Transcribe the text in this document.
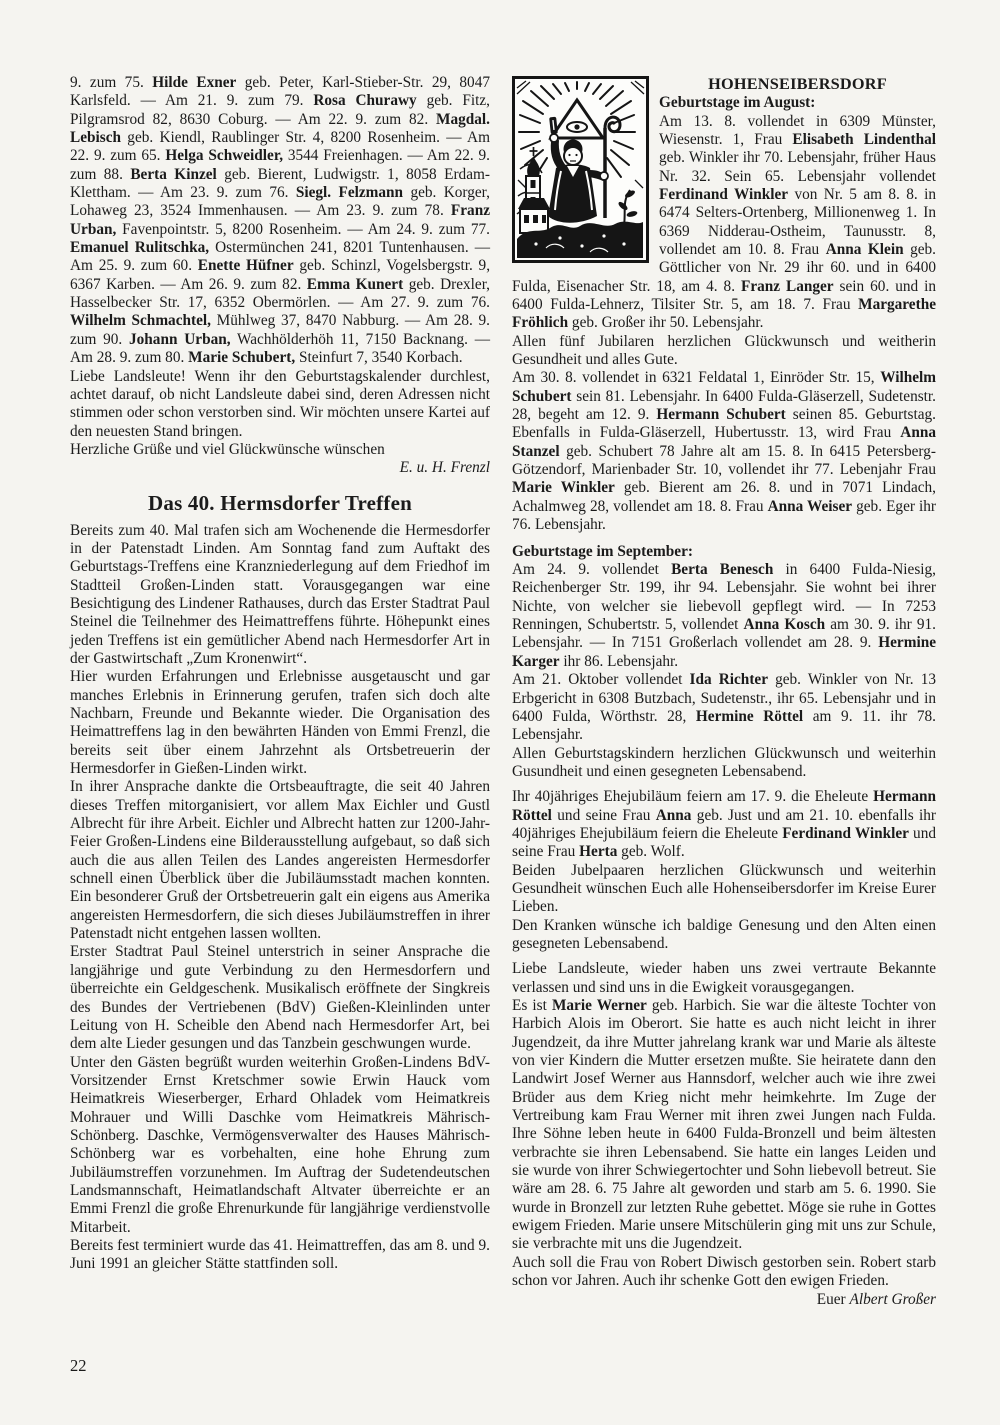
9. zum 75. Hilde Exner geb. Peter, Karl-Stieber-Str. 29, 8047 Karlsfeld. — Am 21. 9. zum 79. Rosa Churawy geb. Fitz, Pilgramsrod 82, 8630 Coburg. — Am 22. 9. zum 82. Magdal. Lebisch geb. Kiendl, Raublinger Str. 4, 8200 Rosenheim. — Am 22. 9. zum 65. Helga Schweidler, 3544 Freienhagen. — Am 22. 9. zum 88. Berta Kinzel geb. Bierent, Ludwigstr. 1, 8058 Erdam-Klettham. — Am 23. 9. zum 76. Siegl. Felzmann geb. Korger, Lohaweg 23, 3524 Immenhausen. — Am 23. 9. zum 78. Franz Urban, Favenpointstr. 5, 8200 Rosenheim. — Am 24. 9. zum 77. Emanuel Rulitschka, Ostermünchen 241, 8201 Tuntenhausen. — Am 25. 9. zum 60. Enette Hüfner geb. Schinzl, Vogelsbergstr. 9, 6367 Karben. — Am 26. 9. zum 82. Emma Kunert geb. Drexler, Hasselbecker Str. 17, 6352 Obermörlen. — Am 27. 9. zum 76. Wilhelm Schmachtel, Mühlweg 37, 8470 Nabburg. — Am 28. 9. zum 90. Johann Urban, Wachhölderhöh 11, 7150 Backnang. — Am 28. 9. zum 80. Marie Schubert, Steinfurt 7, 3540 Korbach.

Liebe Landsleute! Wenn ihr den Geburtstagskalender durchlest, achtet darauf, ob nicht Landsleute dabei sind, deren Adressen nicht stimmen oder schon verstorben sind. Wir möchten unsere Kartei auf den neuesten Stand bringen.

Herzliche Grüße und viel Glückwünsche wünschen

E. u. H. Frenzl

Das 40. Hermsdorfer Treffen

Bereits zum 40. Mal trafen sich am Wochenende die Hermesdorfer in der Patenstadt Linden. Am Sonntag fand zum Auftakt des Geburtstags-Treffens eine Kranzniederlegung auf dem Friedhof im Stadtteil Großen-Linden statt. Vorausgegangen war eine Besichtigung des Lindener Rathauses, durch das Erster Stadtrat Paul Steinel die Teilnehmer des Heimattreffens führte. Höhepunkt eines jeden Treffens ist ein gemütlicher Abend nach Hermesdorfer Art in der Gastwirtschaft „Zum Kronenwirt“.

Hier wurden Erfahrungen und Erlebnisse ausgetauscht und gar manches Erlebnis in Erinnerung gerufen, trafen sich doch alte Nachbarn, Freunde und Bekannte wieder. Die Organisation des Heimattreffens lag in den bewährten Händen von Emmi Frenzl, die bereits seit über einem Jahrzehnt als Ortsbetreuerin der Hermesdorfer in Gießen-Linden wirkt.

In ihrer Ansprache dankte die Ortsbeauftragte, die seit 40 Jahren dieses Treffen mitorganisiert, vor allem Max Eichler und Gustl Albrecht für ihre Arbeit. Eichler und Albrecht hatten zur 1200-Jahr-Feier Großen-Lindens eine Bilderausstellung aufgebaut, so daß sich auch die aus allen Teilen des Landes angereisten Hermesdorfer schnell einen Überblick über die Jubiläumsstadt machen konnten. Ein besonderer Gruß der Ortsbetreuerin galt ein eigens aus Amerika angereisten Hermesdorfern, die sich dieses Jubiläumstreffen in ihrer Patenstadt nicht entgehen lassen wollten.

Erster Stadtrat Paul Steinel unterstrich in seiner Ansprache die langjährige und gute Verbindung zu den Hermesdorfern und überreichte ein Geldgeschenk. Musikalisch eröffnete der Singkreis des Bundes der Vertriebenen (BdV) Gießen-Kleinlinden unter Leitung von H. Scheible den Abend nach Hermesdorfer Art, bei dem alte Lieder gesungen und das Tanzbein geschwungen wurde.

Unter den Gästen begrüßt wurden weiterhin Großen-Lindens BdV-Vorsitzender Ernst Kretschmer sowie Erwin Hauck vom Heimatkreis Wieserberger, Erhard Ohladek vom Heimatkreis Mohrauer und Willi Daschke vom Heimatkreis Mährisch-Schönberg. Daschke, Vermögensverwalter des Hauses Mährisch-Schönberg war es vorbehalten, eine hohe Ehrung zum Jubiläumstreffen vorzunehmen. Im Auftrag der Sudetendeutschen Landsmannschaft, Heimatlandschaft Altvater überreichte er an Emmi Frenzl die große Ehrenurkunde für langjährige verdienstvolle Mitarbeit.

Bereits fest terminiert wurde das 41. Heimattreffen, das am 8. und 9. Juni 1991 an gleicher Stätte stattfinden soll.

HOHENSEIBERSDORF

Geburtstage im August:

Am 13. 8. vollendet in 6309 Münster, Wiesenstr. 1, Frau Elisabeth Lindenthal geb. Winkler ihr 70. Lebensjahr, früher Haus Nr. 32. Sein 65. Lebensjahr vollendet Ferdinand Winkler von Nr. 5 am 8. 8. in 6474 Selters-Ortenberg, Millionenweg 1. In 6369 Nidderau-Ostheim, Taunusstr. 8, vollendet am 10. 8. Frau Anna Klein geb. Göttlicher von Nr. 29 ihr 60. und in 6400 Fulda, Eisenacher Str. 18, am 4. 8. Franz Langer sein 60. und in 6400 Fulda-Lehnerz, Tilsiter Str. 5, am 18. 7. Frau Margarethe Fröhlich geb. Großer ihr 50. Lebensjahr.

Allen fünf Jubilaren herzlichen Glückwunsch und weitherin Gesundheit und alles Gute.

Am 30. 8. vollendet in 6321 Feldatal 1, Einröder Str. 15, Wilhelm Schubert sein 81. Lebensjahr. In 6400 Fulda-Gläserzell, Sudetenstr. 28, begeht am 12. 9. Hermann Schubert seinen 85. Geburtstag. Ebenfalls in Fulda-Gläserzell, Hubertusstr. 13, wird Frau Anna Stanzel geb. Schubert 78 Jahre alt am 15. 8. In 6415 Petersberg-Götzendorf, Marienbader Str. 10, vollendet ihr 77. Lebenjahr Frau Marie Winkler geb. Bierent am 26. 8. und in 7071 Lindach, Achalmweg 28, vollendet am 18. 8. Frau Anna Weiser geb. Eger ihr 76. Lebensjahr.

Geburtstage im September:

Am 24. 9. vollendet Berta Benesch in 6400 Fulda-Niesig, Reichenberger Str. 199, ihr 94. Lebensjahr. Sie wohnt bei ihrer Nichte, von welcher sie liebevoll gepflegt wird. — In 7253 Renningen, Schubertstr. 5, vollendet Anna Kosch am 30. 9. ihr 91. Lebensjahr. — In 7151 Großerlach vollendet am 28. 9. Hermine Karger ihr 86. Lebensjahr.

Am 21. Oktober vollendet Ida Richter geb. Winkler von Nr. 13 Erbgericht in 6308 Butzbach, Sudetenstr., ihr 65. Lebensjahr und in 6400 Fulda, Wörthstr. 28, Hermine Röttel am 9. 11. ihr 78. Lebensjahr.

Allen Geburtstagskindern herzlichen Glückwunsch und weiterhin Gusundheit und einen gesegneten Lebensabend.

Ihr 40jähriges Ehejubiläum feiern am 17. 9. die Eheleute Hermann Röttel und seine Frau Anna geb. Just und am 21. 10. ebenfalls ihr 40jähriges Ehejubiläum feiern die Eheleute Ferdinand Winkler und seine Frau Herta geb. Wolf.

Beiden Jubelpaaren herzlichen Glückwunsch und weiterhin Gesundheit wünschen Euch alle Hohenseibersdorfer im Kreise Eurer Lieben.

Den Kranken wünsche ich baldige Genesung und den Alten einen gesegneten Lebensabend.

Liebe Landsleute, wieder haben uns zwei vertraute Bekannte verlassen und sind uns in die Ewigkeit vorausgegangen.

Es ist Marie Werner geb. Harbich. Sie war die älteste Tochter von Harbich Alois im Oberort. Sie hatte es auch nicht leicht in ihrer Jugendzeit, da ihre Mutter jahrelang krank war und Marie als älteste von vier Kindern die Mutter ersetzen mußte. Sie heiratete dann den Landwirt Josef Werner aus Hannsdorf, welcher auch wie ihre zwei Brüder aus dem Krieg nicht mehr heimkehrte. Im Zuge der Vertreibung kam Frau Werner mit ihren zwei Jungen nach Fulda. Ihre Söhne leben heute in 6400 Fulda-Bronzell und beim ältesten verbrachte sie ihren Lebensabend. Sie hatte ein langes Leiden und sie wurde von ihrer Schwiegertochter und Sohn liebevoll betreut. Sie wäre am 28. 6. 75 Jahre alt geworden und starb am 5. 6. 1990. Sie wurde in Bronzell zur letzten Ruhe gebettet. Möge sie ruhe in Gottes ewigem Frieden. Marie unsere Mitschülerin ging mit uns zur Schule, sie verbrachte mit uns die Jugendzeit.

Auch soll die Frau von Robert Diwisch gestorben sein. Robert starb schon vor Jahren. Auch ihr schenke Gott den ewigen Frieden.

Euer Albert Großer

22
